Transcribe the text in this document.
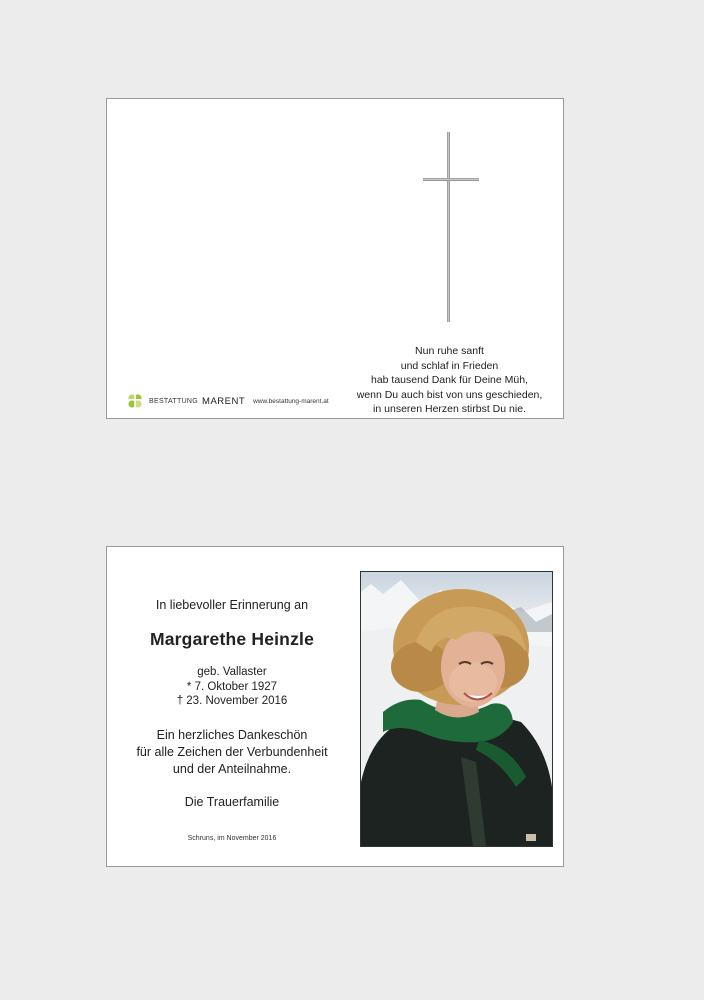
Nun ruhe sanft
und schlaf in Frieden
hab tausend Dank für Deine Müh,
wenn Du auch bist von uns geschieden,
in unseren Herzen stirbst Du nie.
BESTATTUNG MARENT www.bestattung-marent.at
In liebevoller Erinnerung an
Margarethe Heinzle
geb. Vallaster
* 7. Oktober 1927
† 23. November 2016
Ein herzliches Dankeschön
für alle Zeichen der Verbundenheit
und der Anteilnahme.
Die Trauerfamilie
Schruns, im November 2016
